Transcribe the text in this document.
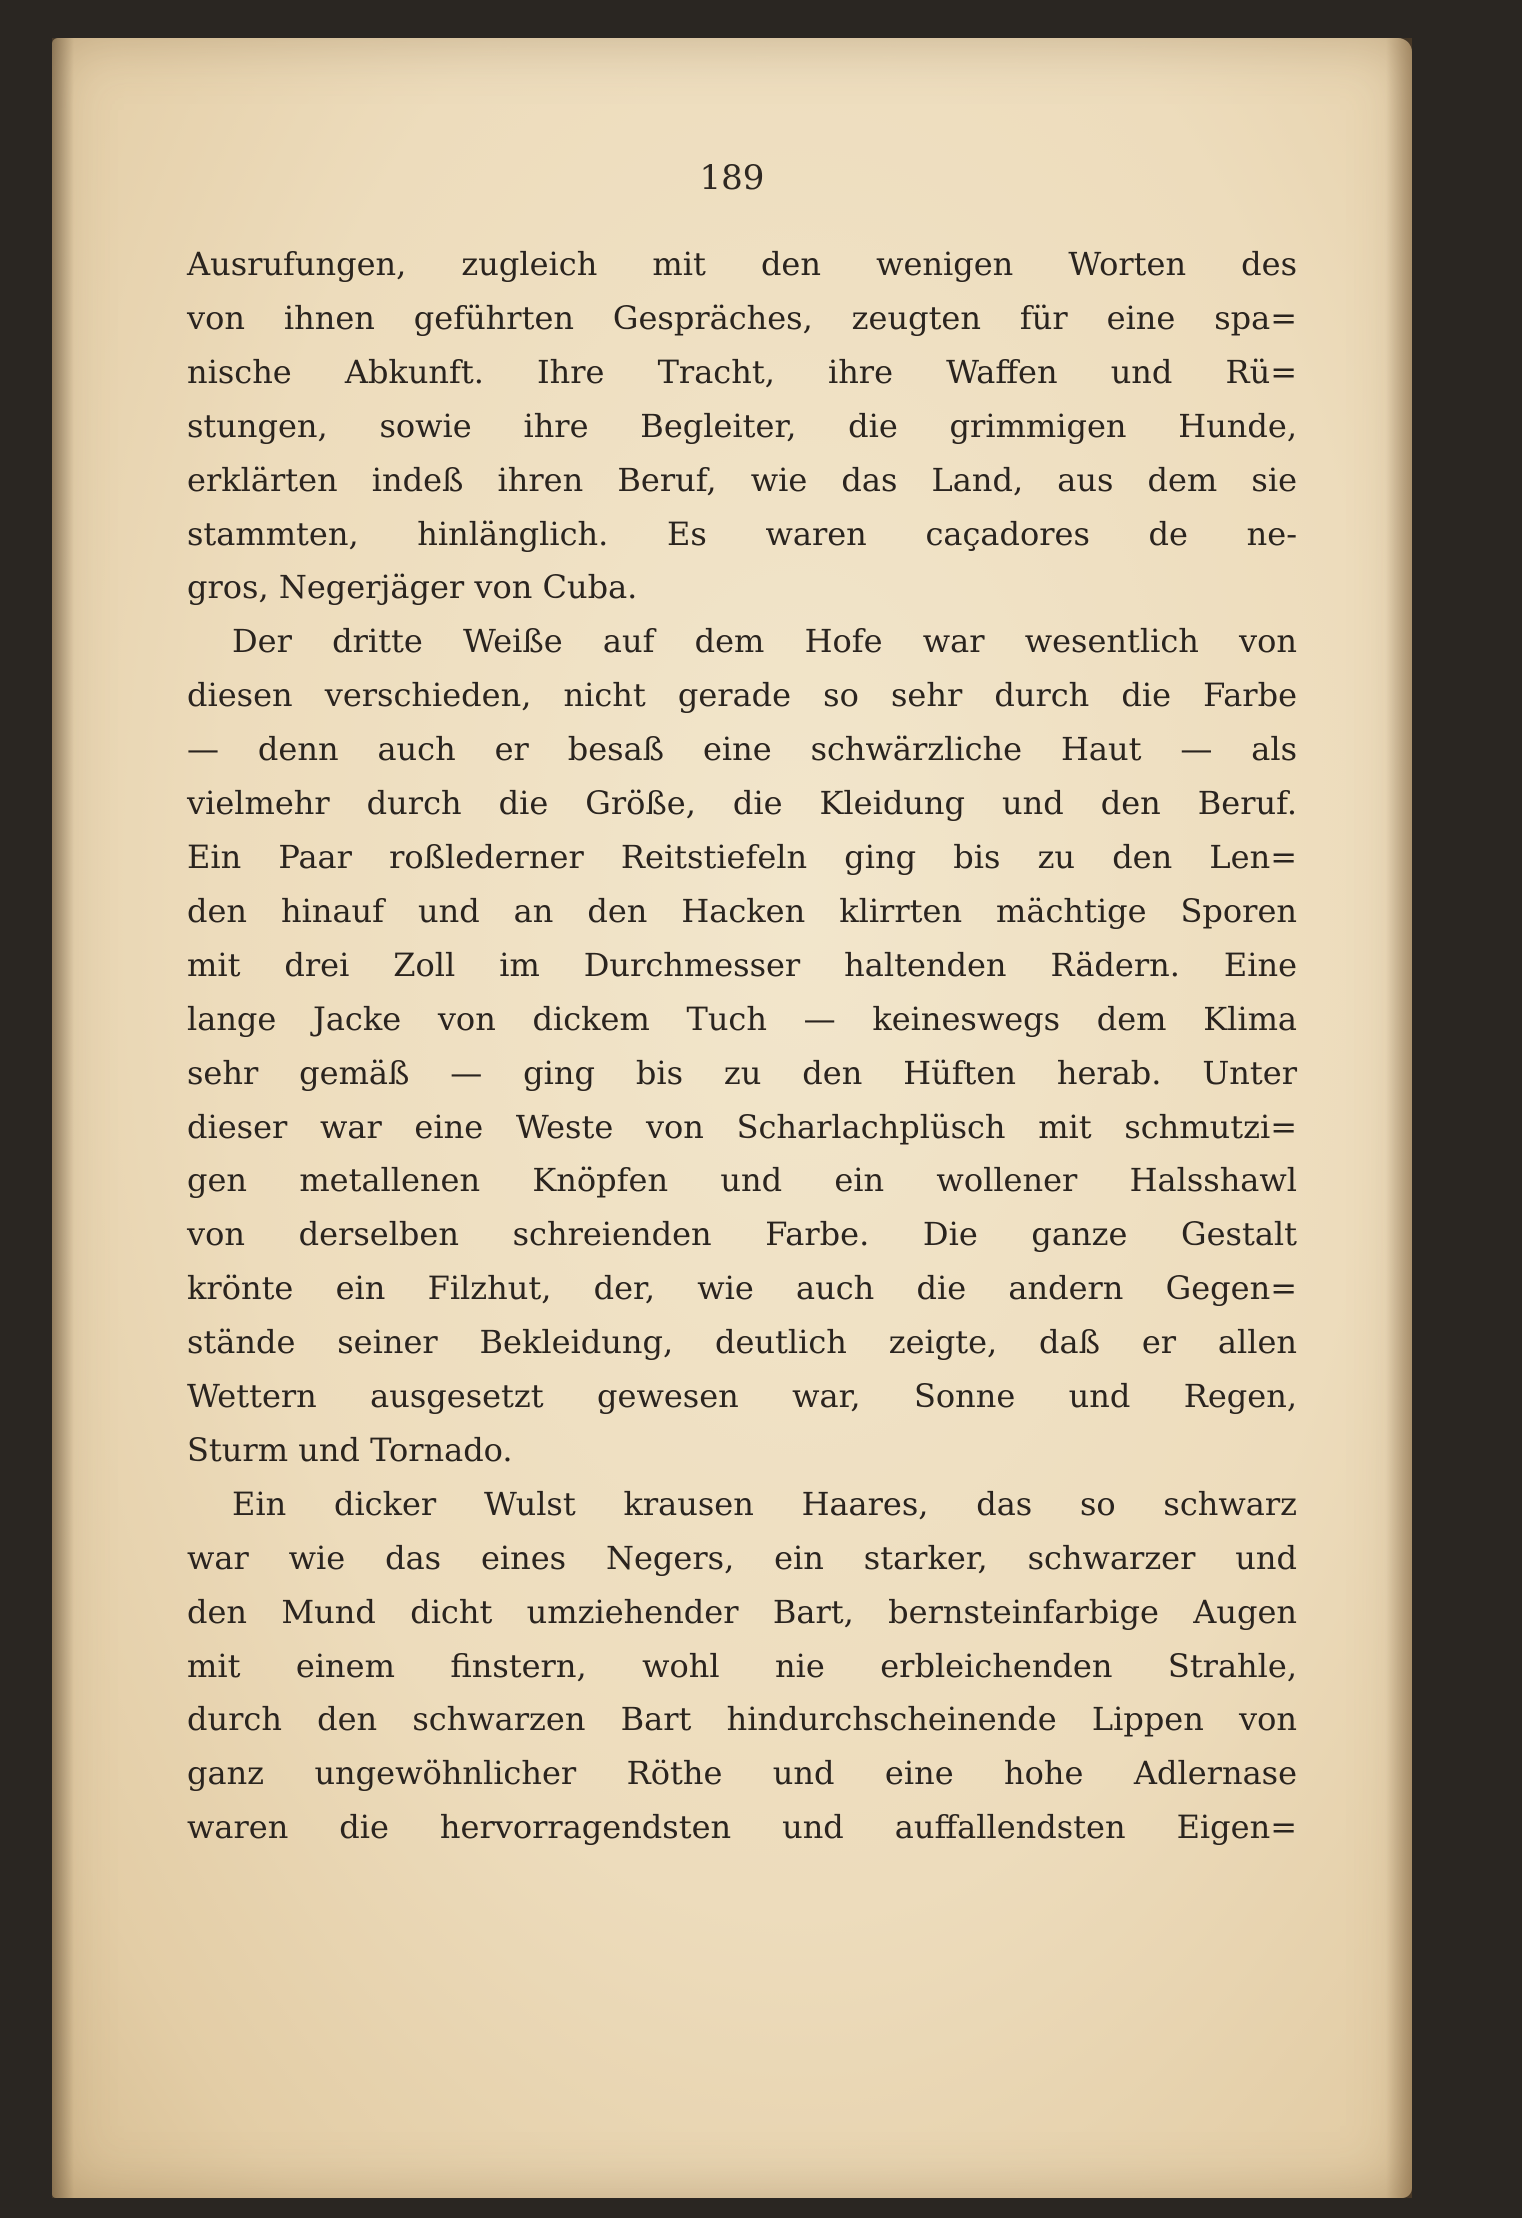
189

Ausrufungen, zugleich mit den wenigen Worten des
von ihnen geführten Gespräches, zeugten für eine spa=
nische Abkunft. Ihre Tracht, ihre Waffen und Rü=
stungen, sowie ihre Begleiter, die grimmigen Hunde,
erklärten indeß ihren Beruf, wie das Land, aus dem sie
stammten, hinlänglich. Es waren caçadores de ne-
gros, Negerjäger von Cuba.

Der dritte Weiße auf dem Hofe war wesentlich von
diesen verschieden, nicht gerade so sehr durch die Farbe
— denn auch er besaß eine schwärzliche Haut — als
vielmehr durch die Größe, die Kleidung und den Beruf.
Ein Paar roßlederner Reitstiefeln ging bis zu den Len=
den hinauf und an den Hacken klirrten mächtige Sporen
mit drei Zoll im Durchmesser haltenden Rädern. Eine
lange Jacke von dickem Tuch — keineswegs dem Klima
sehr gemäß — ging bis zu den Hüften herab. Unter
dieser war eine Weste von Scharlachplüsch mit schmutzi=
gen metallenen Knöpfen und ein wollener Halsshawl
von derselben schreienden Farbe. Die ganze Gestalt
krönte ein Filzhut, der, wie auch die andern Gegen=
stände seiner Bekleidung, deutlich zeigte, daß er allen
Wettern ausgesetzt gewesen war, Sonne und Regen,
Sturm und Tornado.

Ein dicker Wulst krausen Haares, das so schwarz
war wie das eines Negers, ein starker, schwarzer und
den Mund dicht umziehender Bart, bernsteinfarbige Augen
mit einem finstern, wohl nie erbleichenden Strahle,
durch den schwarzen Bart hindurchscheinende Lippen von
ganz ungewöhnlicher Röthe und eine hohe Adlernase
waren die hervorragendsten und auffallendsten Eigen=
